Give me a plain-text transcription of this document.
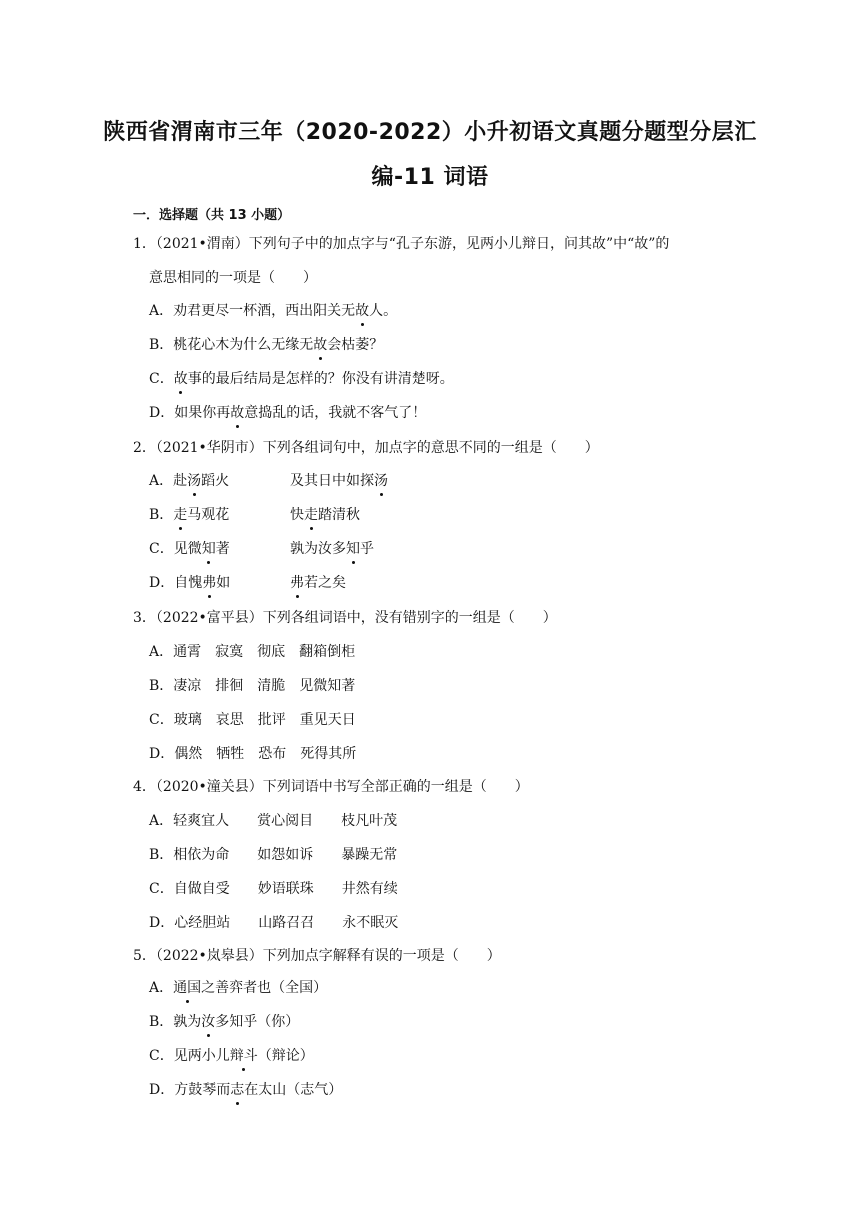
陕西省渭南市三年（2020-2022）小升初语文真题分题型分层汇
编-11 词语
一．选择题（共 13 小题）
1．（2021•渭南）下列句子中的加点字与“孔子东游，见两小儿辩日，问其故”中“故”的
意思相同的一项是（　　）
A．劝君更尽一杯酒，西出阳关无故人。
B．桃花心木为什么无缘无故会枯萎？
C．故事的最后结局是怎样的？你没有讲清楚呀。
D．如果你再故意捣乱的话，我就不客气了！
2．（2021•华阴市）下列各组词句中，加点字的意思不同的一组是（　　）
A．赴汤蹈火	及其日中如探汤
B．走马观花	快走踏清秋
C．见微知著	孰为汝多知乎
D．自愧弗如	弗若之矣
3．（2022•富平县）下列各组词语中，没有错别字的一组是（　　）
A．通霄　寂寞　彻底　翻箱倒柜
B．凄凉　排徊　清脆　见微知著
C．玻璃　哀思　批评　重见天日
D．偶然　牺牲　恐布　死得其所
4．（2020•潼关县）下列词语中书写全部正确的一组是（　　）
A．轻爽宜人　　赏心阅目　　枝凡叶茂
B．相依为命　　如怨如诉　　暴躁无常
C．自做自受　　妙语联珠　　井然有续
D．心经胆站　　山路召召　　永不眠灭
5．（2022•岚皋县）下列加点字解释有误的一项是（　　）
A．通国之善弈者也（全国）
B．孰为汝多知乎（你）
C．见两小儿辩斗（辩论）
D．方鼓琴而志在太山（志气）
